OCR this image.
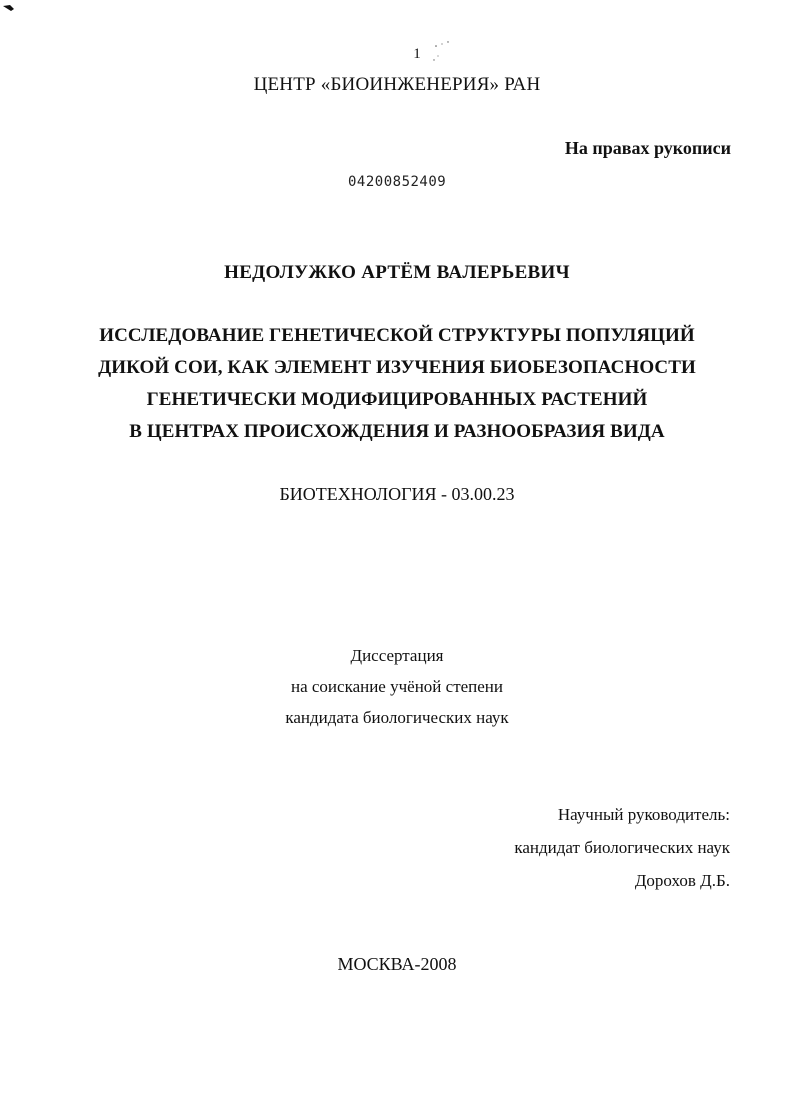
1
ЦЕНТР «БИОИНЖЕНЕРИЯ» РАН
На правах рукописи
04200852409
НЕДОЛУЖКО АРТЁМ ВАЛЕРЬЕВИЧ
ИССЛЕДОВАНИЕ ГЕНЕТИЧЕСКОЙ СТРУКТУРЫ ПОПУЛЯЦИЙ
ДИКОЙ СОИ, КАК ЭЛЕМЕНТ ИЗУЧЕНИЯ БИОБЕЗОПАСНОСТИ
ГЕНЕТИЧЕСКИ МОДИФИЦИРОВАННЫХ РАСТЕНИЙ
В ЦЕНТРАХ ПРОИСХОЖДЕНИЯ И РАЗНООБРАЗИЯ ВИДА
БИОТЕХНОЛОГИЯ - 03.00.23
Диссертация
на соискание учёной степени
кандидата биологических наук
Научный руководитель:
кандидат биологических наук
Дорохов Д.Б.
МОСКВА-2008
